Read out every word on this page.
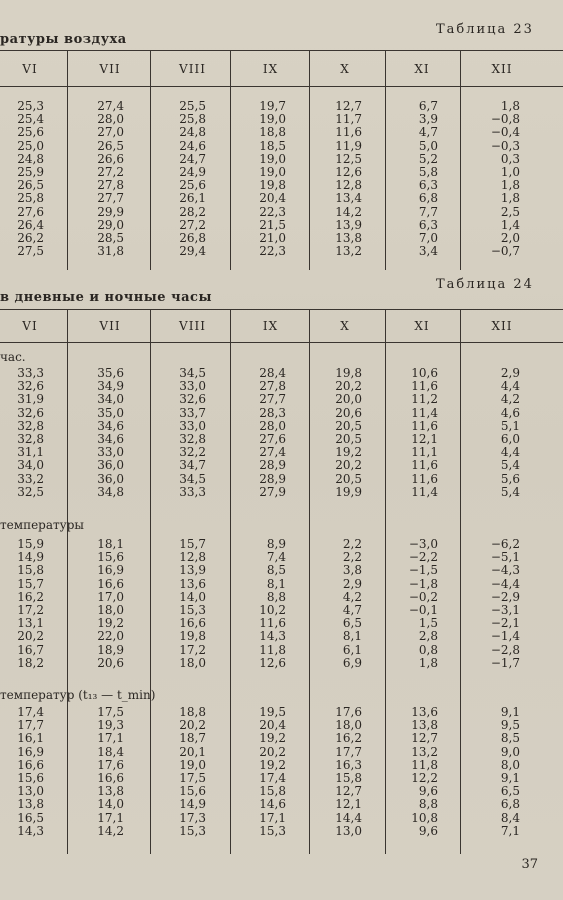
Таблица 23
ратуры воздуха
VI	VII	VIII	IX	X	XI	XII
25,3	27,4	25,5	19,7	12,7	6,7	1,8
25,4	28,0	25,8	19,0	11,7	3,9	−0,8
25,6	27,0	24,8	18,8	11,6	4,7	−0,4
25,0	26,5	24,6	18,5	11,9	5,0	−0,3
24,8	26,6	24,7	19,0	12,5	5,2	0,3
25,9	27,2	24,9	19,0	12,6	5,8	1,0
26,5	27,8	25,6	19,8	12,8	6,3	1,8
25,8	27,7	26,1	20,4	13,4	6,8	1,8
27,6	29,9	28,2	22,3	14,2	7,7	2,5
26,4	29,0	27,2	21,5	13,9	6,3	1,4
26,2	28,5	26,8	21,0	13,8	7,0	2,0
27,5	31,8	29,4	22,3	13,2	3,4	−0,7
Таблица 24
в дневные и ночные часы
VI	VII	VIII	IX	X	XI	XII
час.
33,3	35,6	34,5	28,4	19,8	10,6	2,9
32,6	34,9	33,0	27,8	20,2	11,6	4,4
31,9	34,0	32,6	27,7	20,0	11,2	4,2
32,6	35,0	33,7	28,3	20,6	11,4	4,6
32,8	34,6	33,0	28,0	20,5	11,6	5,1
32,8	34,6	32,8	27,6	20,5	12,1	6,0
31,1	33,0	32,2	27,4	19,2	11,1	4,4
34,0	36,0	34,7	28,9	20,2	11,6	5,4
33,2	36,0	34,5	28,9	20,5	11,6	5,6
32,5	34,8	33,3	27,9	19,9	11,4	5,4
температуры
15,9	18,1	15,7	8,9	2,2	−3,0	−6,2
14,9	15,6	12,8	7,4	2,2	−2,2	−5,1
15,8	16,9	13,9	8,5	3,8	−1,5	−4,3
15,7	16,6	13,6	8,1	2,9	−1,8	−4,4
16,2	17,0	14,0	8,8	4,2	−0,2	−2,9
17,2	18,0	15,3	10,2	4,7	−0,1	−3,1
13,1	19,2	16,6	11,6	6,5	1,5	−2,1
20,2	22,0	19,8	14,3	8,1	2,8	−1,4
16,7	18,9	17,2	11,8	6,1	0,8	−2,8
18,2	20,6	18,0	12,6	6,9	1,8	−1,7
температур (t₁₃ — t_min)
17,4	17,5	18,8	19,5	17,6	13,6	9,1
17,7	19,3	20,2	20,4	18,0	13,8	9,5
16,1	17,1	18,7	19,2	16,2	12,7	8,5
16,9	18,4	20,1	20,2	17,7	13,2	9,0
16,6	17,6	19,0	19,2	16,3	11,8	8,0
15,6	16,6	17,5	17,4	15,8	12,2	9,1
13,0	13,8	15,6	15,8	12,7	9,6	6,5
13,8	14,0	14,9	14,6	12,1	8,8	6,8
16,5	17,1	17,3	17,1	14,4	10,8	8,4
14,3	14,2	15,3	15,3	13,0	9,6	7,1
37
